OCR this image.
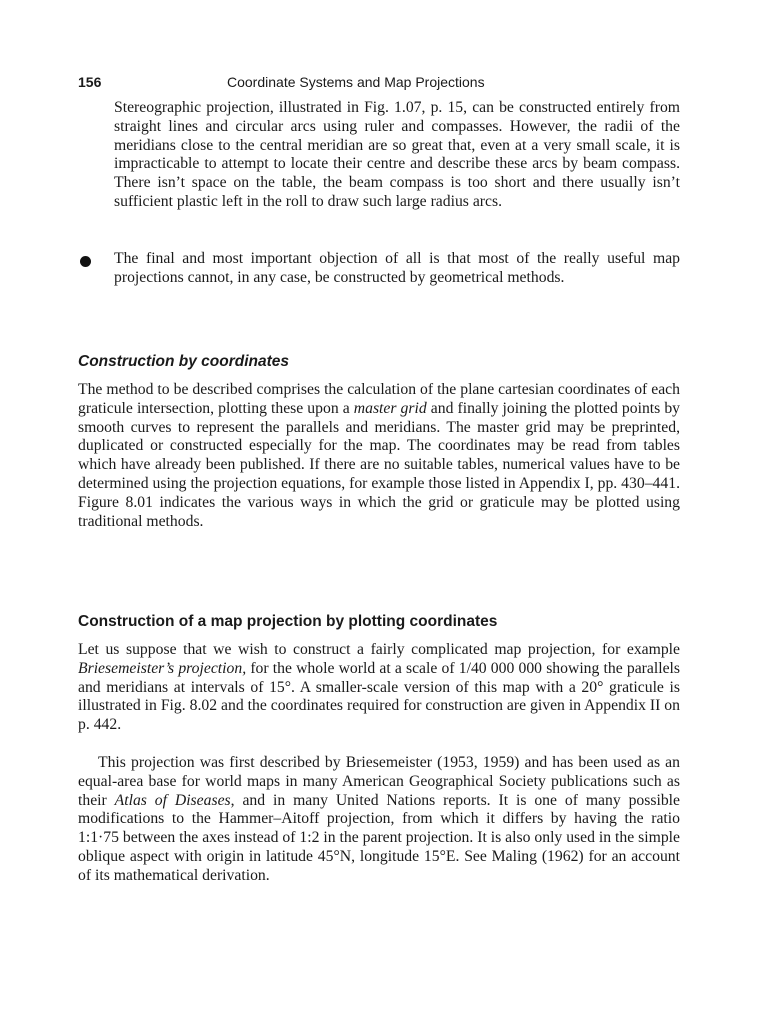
156	Coordinate Systems and Map Projections

Stereographic projection, illustrated in Fig. 1.07, p. 15, can be constructed entirely from straight lines and circular arcs using ruler and compasses. However, the radii of the meridians close to the central meridian are so great that, even at a very small scale, it is impracticable to attempt to locate their centre and describe these arcs by beam compass. There isn’t space on the table, the beam compass is too short and there usually isn’t sufficient plastic left in the roll to draw such large radius arcs.

The final and most important objection of all is that most of the really useful map projections cannot, in any case, be constructed by geometrical methods.

Construction by coordinates

The method to be described comprises the calculation of the plane cartesian coordinates of each graticule intersection, plotting these upon a master grid and finally joining the plotted points by smooth curves to represent the parallels and meridians. The master grid may be preprinted, duplicated or constructed especially for the map. The coordinates may be read from tables which have already been published. If there are no suitable tables, numerical values have to be determined using the projection equations, for example those listed in Appendix I, pp. 430–441. Figure 8.01 indicates the various ways in which the grid or graticule may be plotted using traditional methods.

Construction of a map projection by plotting coordinates

Let us suppose that we wish to construct a fairly complicated map projection, for example Briesemeister’s projection, for the whole world at a scale of 1/40 000 000 showing the parallels and meridians at intervals of 15°. A smaller-scale version of this map with a 20° graticule is illustrated in Fig. 8.02 and the coordinates required for construction are given in Appendix II on p. 442.

This projection was first described by Briesemeister (1953, 1959) and has been used as an equal-area base for world maps in many American Geographical Society publications such as their Atlas of Diseases, and in many United Nations reports. It is one of many possible modifications to the Hammer–Aitoff projection, from which it differs by having the ratio 1:1·75 between the axes instead of 1:2 in the parent projection. It is also only used in the simple oblique aspect with origin in latitude 45°N, longitude 15°E. See Maling (1962) for an account of its mathematical derivation.
